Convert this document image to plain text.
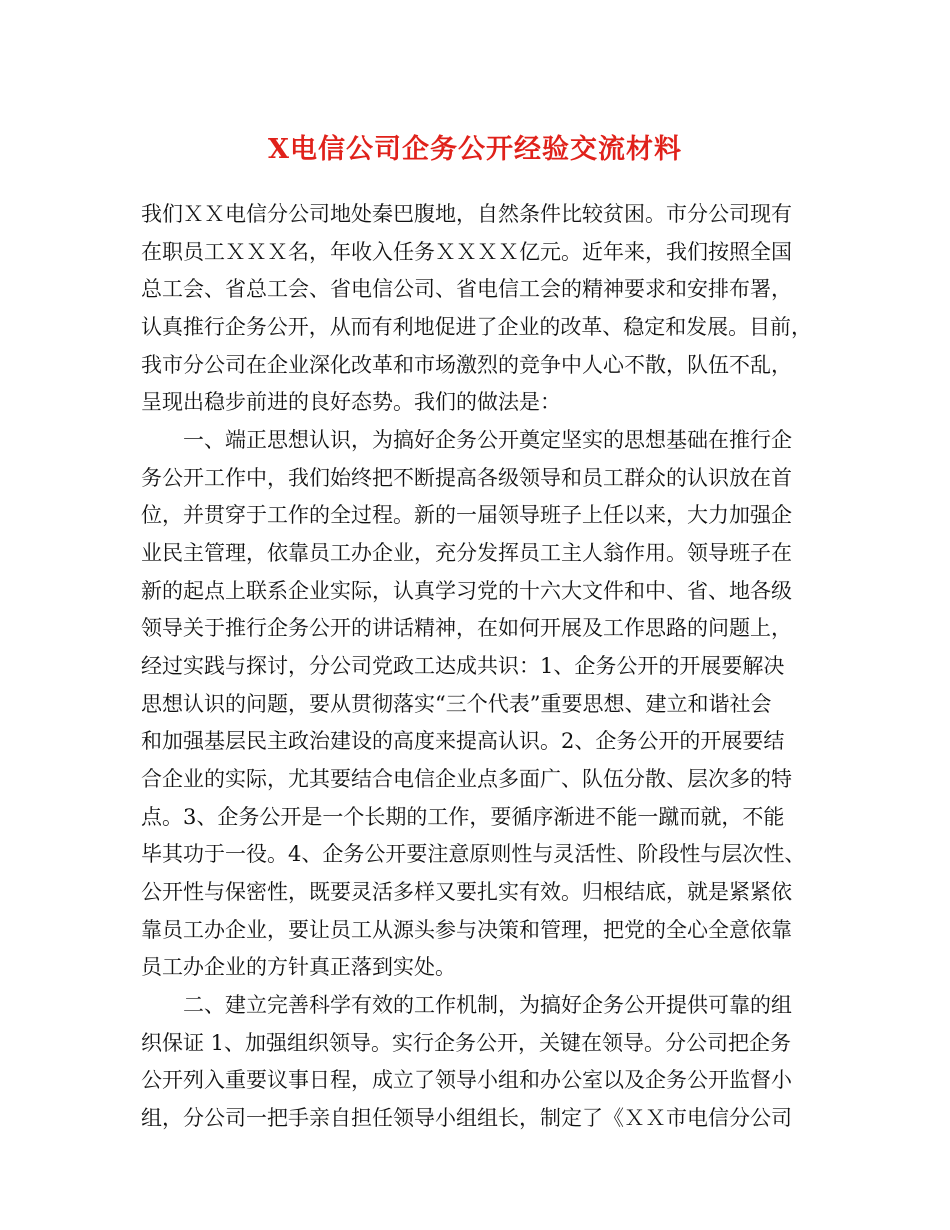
X电信公司企务公开经验交流材料
我们ＸＸ电信分公司地处秦巴腹地，自然条件比较贫困。市分公司现有
在职员工ＸＸＸ名，年收入任务ＸＸＸＸ亿元。近年来，我们按照全国
总工会、省总工会、省电信公司、省电信工会的精神要求和安排布署，
认真推行企务公开，从而有利地促进了企业的改革、稳定和发展。目前，
我市分公司在企业深化改革和市场激烈的竞争中人心不散，队伍不乱，
呈现出稳步前进的良好态势。我们的做法是：
一、端正思想认识，为搞好企务公开奠定坚实的思想基础在推行企
务公开工作中，我们始终把不断提高各级领导和员工群众的认识放在首
位，并贯穿于工作的全过程。新的一届领导班子上任以来，大力加强企
业民主管理，依靠员工办企业，充分发挥员工主人翁作用。领导班子在
新的起点上联系企业实际，认真学习党的十六大文件和中、省、地各级
领导关于推行企务公开的讲话精神，在如何开展及工作思路的问题上，
经过实践与探讨，分公司党政工达成共识：1、企务公开的开展要解决
思想认识的问题，要从贯彻落实“三个代表”重要思想、建立和谐社会
和加强基层民主政治建设的高度来提高认识。2、企务公开的开展要结
合企业的实际，尤其要结合电信企业点多面广、队伍分散、层次多的特
点。3、企务公开是一个长期的工作，要循序渐进不能一蹴而就，不能
毕其功于一役。4、企务公开要注意原则性与灵活性、阶段性与层次性、
公开性与保密性，既要灵活多样又要扎实有效。归根结底，就是紧紧依
靠员工办企业，要让员工从源头参与决策和管理，把党的全心全意依靠
员工办企业的方针真正落到实处。
二、建立完善科学有效的工作机制，为搞好企务公开提供可靠的组
织保证 1、加强组织领导。实行企务公开，关键在领导。分公司把企务
公开列入重要议事日程，成立了领导小组和办公室以及企务公开监督小
组，分公司一把手亲自担任领导小组组长，制定了《ＸＸ市电信分公司
